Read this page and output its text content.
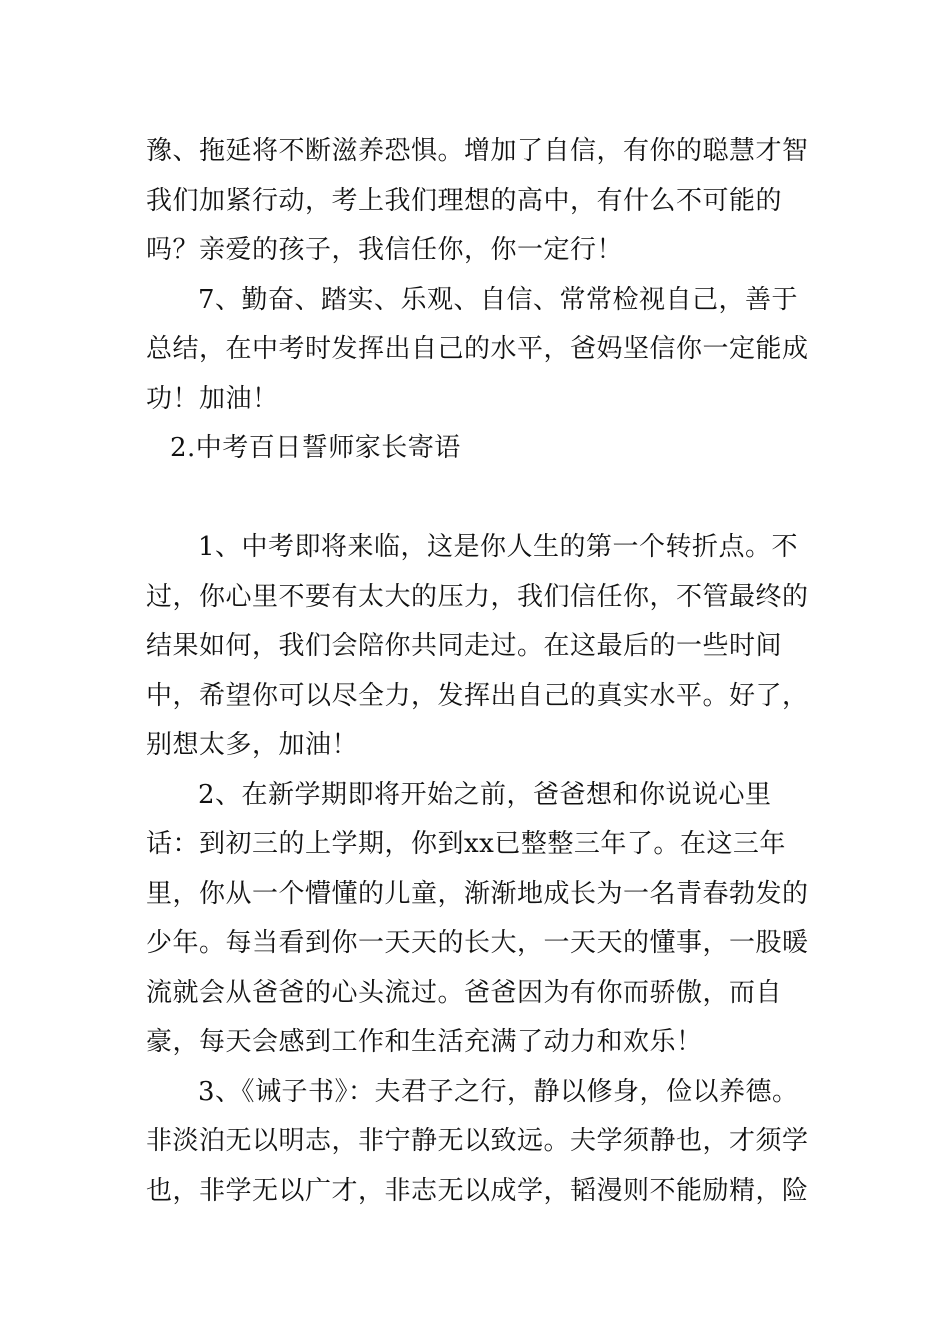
豫、拖延将不断滋养恐惧。增加了自信，有你的聪慧才智我们加紧行动，考上我们理想的高中，有什么不可能的吗？亲爱的孩子，我信任你，你一定行！

7、勤奋、踏实、乐观、自信、常常检视自己，善于总结，在中考时发挥出自己的水平，爸妈坚信你一定能成功！加油！

2.中考百日誓师家长寄语

1、中考即将来临，这是你人生的第一个转折点。不过，你心里不要有太大的压力，我们信任你，不管最终的结果如何，我们会陪你共同走过。在这最后的一些时间中，希望你可以尽全力，发挥出自己的真实水平。好了，别想太多，加油！

2、在新学期即将开始之前，爸爸想和你说说心里话：到初三的上学期，你到xx已整整三年了。在这三年里，你从一个懵懂的儿童，渐渐地成长为一名青春勃发的少年。每当看到你一天天的长大，一天天的懂事，一股暖流就会从爸爸的心头流过。爸爸因为有你而骄傲，而自豪，每天会感到工作和生活充满了动力和欢乐！

3、《诫子书》：夫君子之行，静以修身，俭以养德。非淡泊无以明志，非宁静无以致远。夫学须静也，才须学也，非学无以广才，非志无以成学，韬漫则不能励精，险
